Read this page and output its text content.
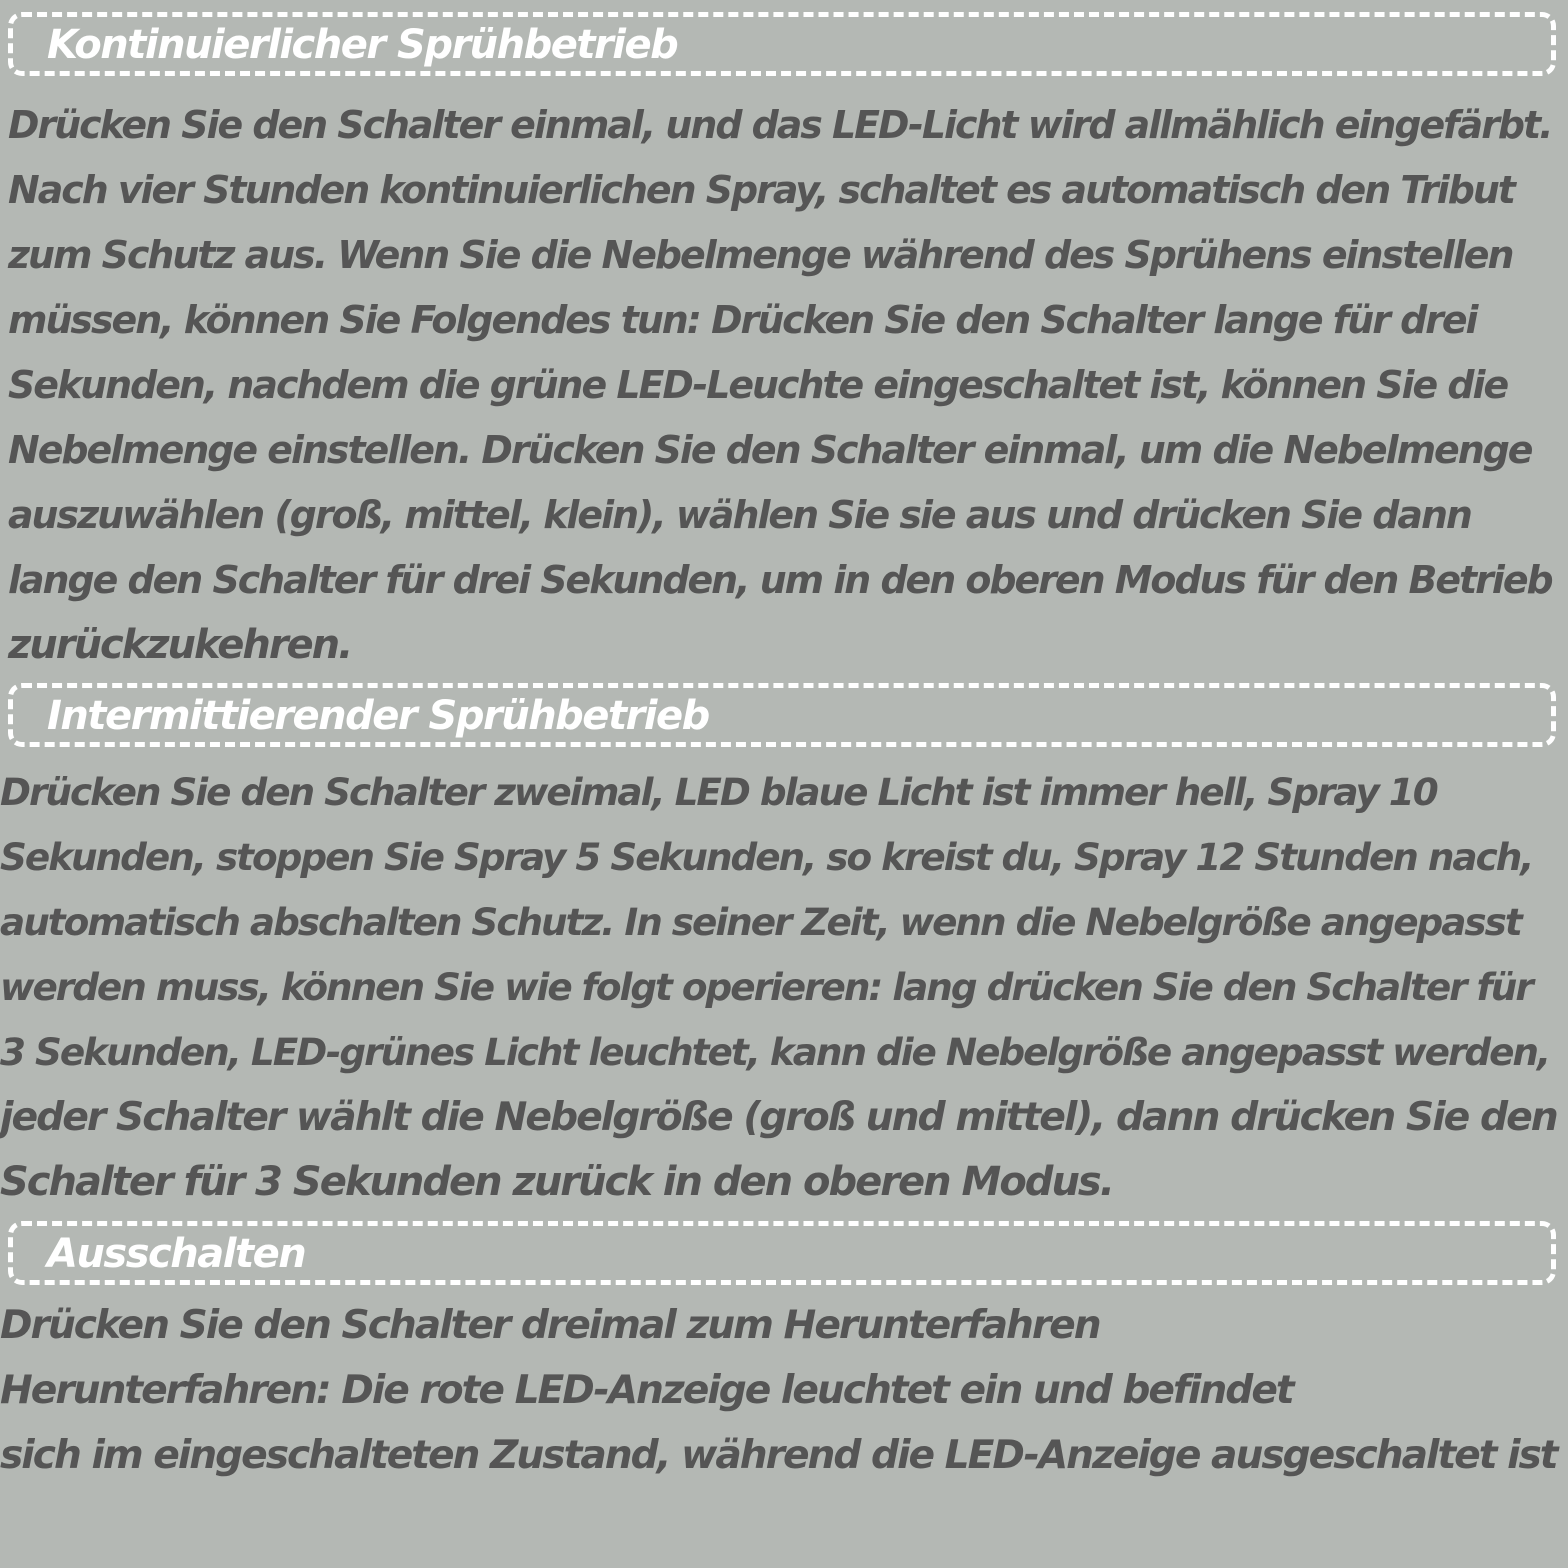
Kontinuierlicher Sprühbetrieb
Drücken Sie den Schalter einmal, und das LED-Licht wird allmählich eingefärbt.
Nach vier Stunden kontinuierlichen Spray, schaltet es automatisch den Tribut
zum Schutz aus. Wenn Sie die Nebelmenge während des Sprühens einstellen
müssen, können Sie Folgendes tun: Drücken Sie den Schalter lange für drei
Sekunden, nachdem die grüne LED-Leuchte eingeschaltet ist, können Sie die
Nebelmenge einstellen. Drücken Sie den Schalter einmal, um die Nebelmenge
auszuwählen (groß, mittel, klein), wählen Sie sie aus und drücken Sie dann
lange den Schalter für drei Sekunden, um in den oberen Modus für den Betrieb
zurückzukehren.
Intermittierender Sprühbetrieb
Drücken Sie den Schalter zweimal, LED blaue Licht ist immer hell, Spray 10
Sekunden, stoppen Sie Spray 5 Sekunden, so kreist du, Spray 12 Stunden nach,
automatisch abschalten Schutz. In seiner Zeit, wenn die Nebelgröße angepasst
werden muss, können Sie wie folgt operieren: lang drücken Sie den Schalter für
3 Sekunden, LED-grünes Licht leuchtet, kann die Nebelgröße angepasst werden,
jeder Schalter wählt die Nebelgröße (groß und mittel), dann drücken Sie den
Schalter für 3 Sekunden zurück in den oberen Modus.
Ausschalten
Drücken Sie den Schalter dreimal zum Herunterfahren
Herunterfahren: Die rote LED-Anzeige leuchtet ein und befindet
sich im eingeschalteten Zustand, während die LED-Anzeige ausgeschaltet ist
